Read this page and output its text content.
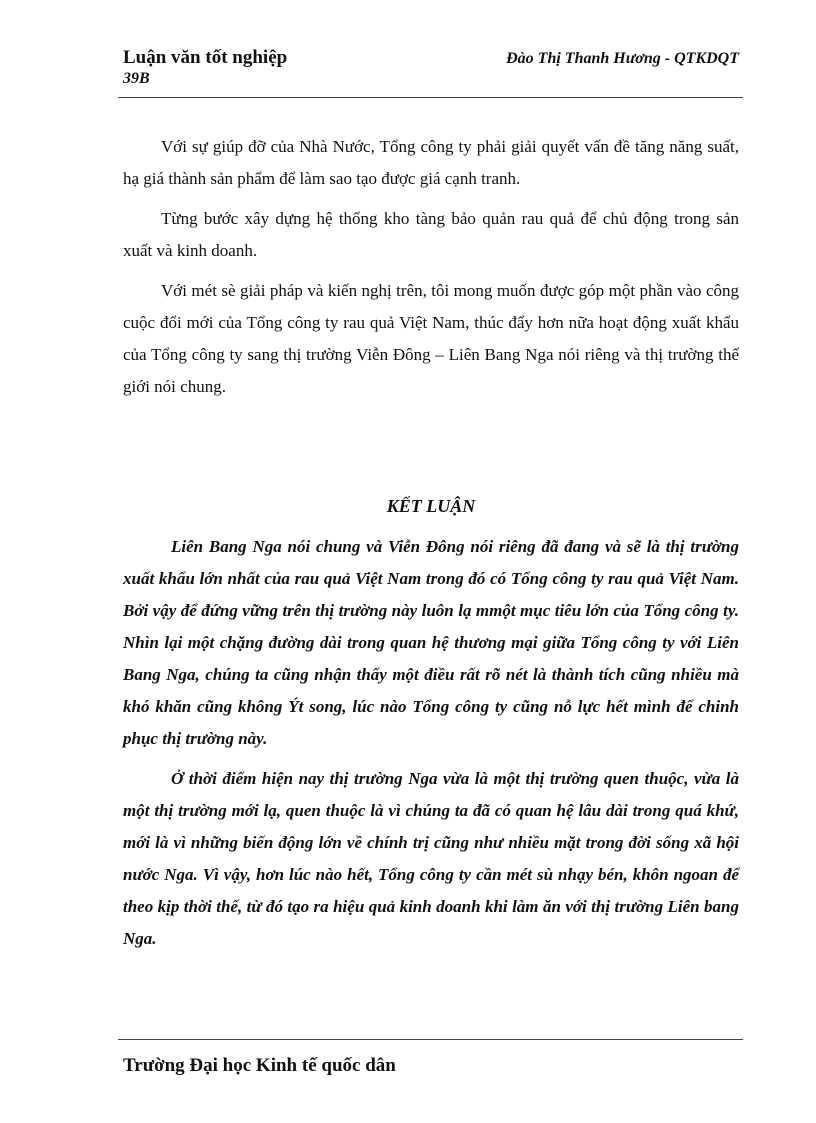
Luận văn tốt nghiệp
39B
Đào Thị Thanh Hương - QTKDQT

Với sự giúp đỡ của Nhà Nước, Tổng công ty phải giải quyết vấn đề tăng năng suất, hạ giá thành sản phẩm để làm sao tạo được giá cạnh tranh.

Từng bước xây dựng hệ thống kho tàng bảo quản rau quả để chủ động trong sản xuất và kinh doanh.

Với mét sè giải pháp và kiến nghị trên, tôi mong muốn được góp một phần vào công cuộc đổi mới của Tổng công ty rau quả Việt Nam, thúc đẩy hơn nữa hoạt động xuất khẩu của Tổng công ty sang thị trường Viễn Đông – Liên Bang Nga nói riêng và thị trường thế giới nói chung.

KẾT LUẬN

Liên Bang Nga nói chung và Viễn Đông nói riêng đã đang và sẽ là thị trường xuất khẩu lớn nhất của rau quả Việt Nam trong đó có Tổng công ty rau quả Việt Nam. Bởi vậy để đứng vững trên thị trường này luôn lạ mmột mục tiêu lớn của Tổng công ty. Nhìn lại một chặng đường dài trong quan hệ thương mại giữa Tổng công ty với Liên Bang Nga, chúng ta cũng nhận thấy một điều rất rõ nét là thành tích cũng nhiều mà khó khăn cũng không Ýt song, lúc nào Tổng công ty cũng nỗ lực hết mình để chinh phục thị trường này.

Ở thời điểm hiện nay thị trường Nga vừa là một thị trường quen thuộc, vừa là một thị trường mới lạ, quen thuộc là vì chúng ta đã có quan hệ lâu dài trong quá khứ, mới là vì những biến động lớn về chính trị cũng như nhiều mặt trong đời sống xã hội nước Nga. Vì vậy, hơn lúc nào hết, Tổng công ty cần mét sù nhạy bén, khôn ngoan để theo kịp thời thế, từ đó tạo ra hiệu quả kinh doanh khi làm ăn với thị trường Liên bang Nga.

Trường Đại học Kinh tế quốc dân
